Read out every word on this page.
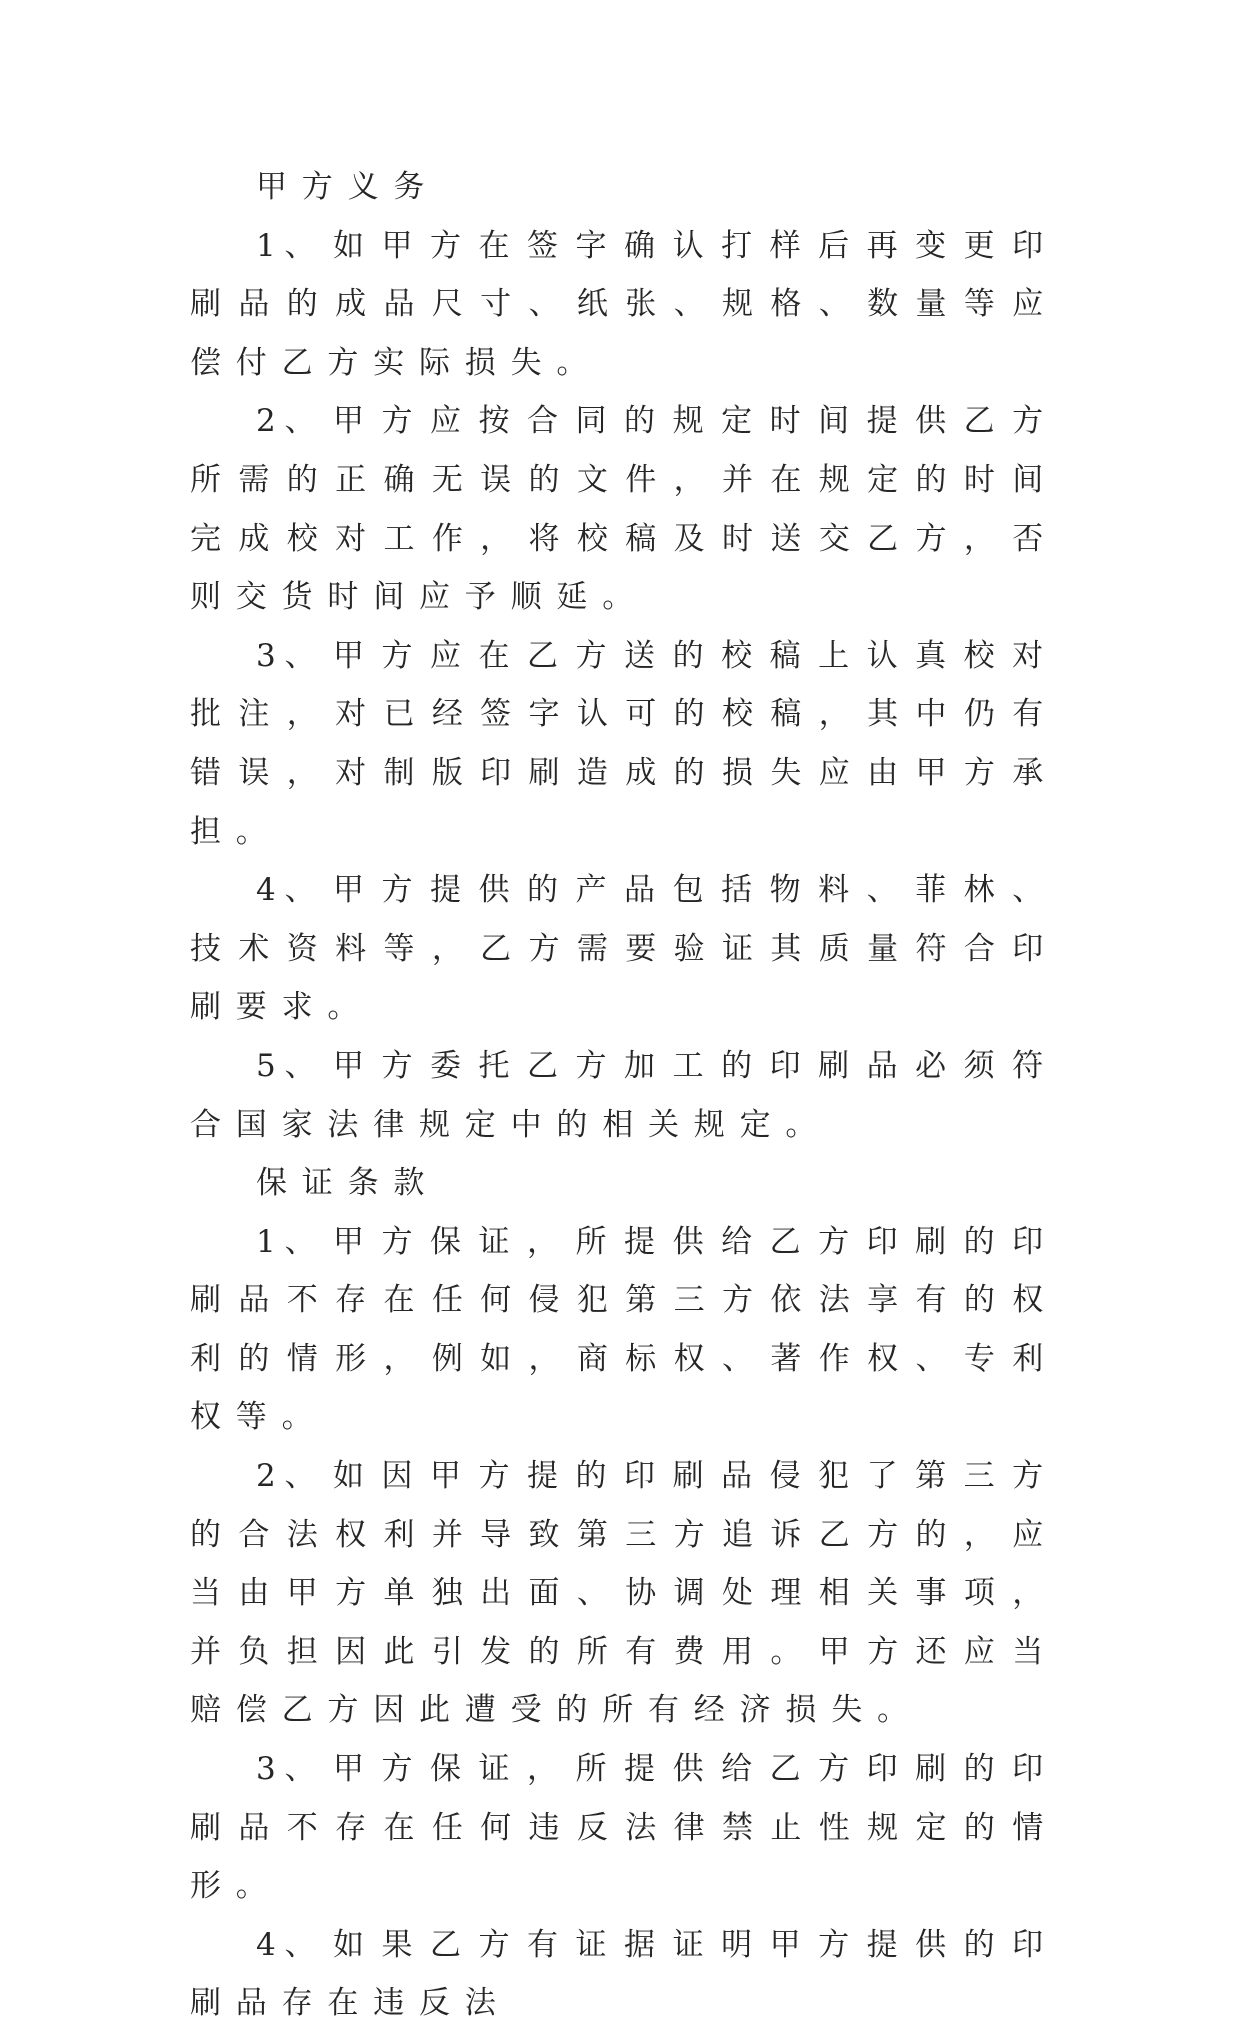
甲方义务

1、如甲方在签字确认打样后再变更印刷品的成品尺寸、纸张、规格、数量等应偿付乙方实际损失。

2、甲方应按合同的规定时间提供乙方所需的正确无误的文件，并在规定的时间完成校对工作，将校稿及时送交乙方，否则交货时间应予顺延。

3、甲方应在乙方送的校稿上认真校对批注，对已经签字认可的校稿，其中仍有错误，对制版印刷造成的损失应由甲方承担。

4、甲方提供的产品包括物料、菲林、技术资料等，乙方需要验证其质量符合印刷要求。

5、甲方委托乙方加工的印刷品必须符合国家法律规定中的相关规定。

保证条款

1、甲方保证，所提供给乙方印刷的印刷品不存在任何侵犯第三方依法享有的权利的情形，例如，商标权、著作权、专利权等。

2、如因甲方提的印刷品侵犯了第三方的合法权利并导致第三方追诉乙方的，应当由甲方单独出面、协调处理相关事项，并负担因此引发的所有费用。甲方还应当赔偿乙方因此遭受的所有经济损失。

3、甲方保证，所提供给乙方印刷的印刷品不存在任何违反法律禁止性规定的情形。

4、如果乙方有证据证明甲方提供的印刷品存在违反法
